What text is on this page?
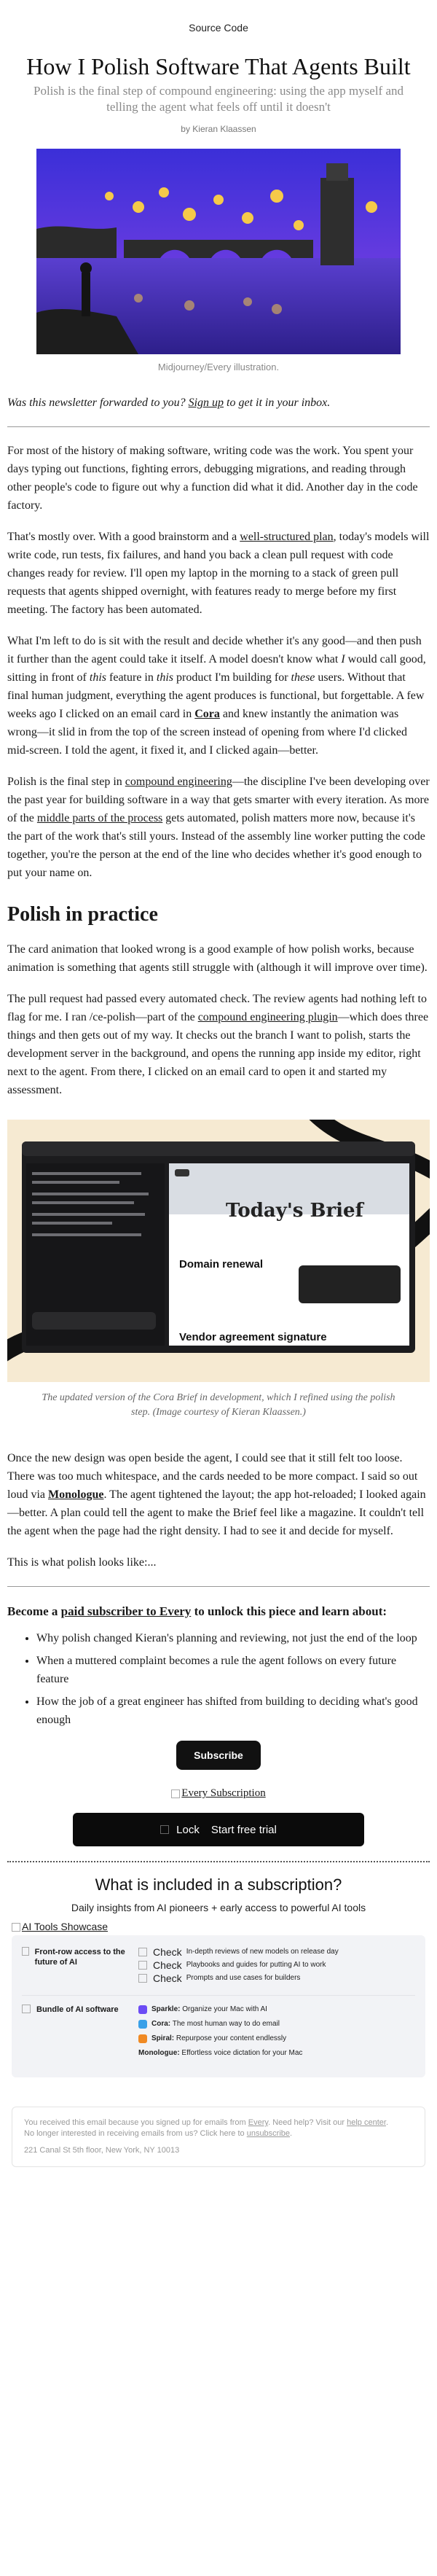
Source Code
How I Polish Software That Agents Built
Polish is the final step of compound engineering: using the app myself and telling the agent what feels off until it doesn't
by Kieran Klaassen
Midjourney/Every illustration.

Was this newsletter forwarded to you? Sign up to get it in your inbox.

For most of the history of making software, writing code was the work. You spent your days typing out functions, fighting errors, debugging migrations, and reading through other people's code to figure out why a function did what it did. Another day in the code factory.

That's mostly over. With a good brainstorm and a well-structured plan, today's models will write code, run tests, fix failures, and hand you back a clean pull request with code changes ready for review. I'll open my laptop in the morning to a stack of green pull requests that agents shipped overnight, with features ready to merge before my first meeting. The factory has been automated.

What I'm left to do is sit with the result and decide whether it's any good—and then push it further than the agent could take it itself. A model doesn't know what I would call good, sitting in front of this feature in this product I'm building for these users. Without that final human judgment, everything the agent produces is functional, but forgettable. A few weeks ago I clicked on an email card in Cora and knew instantly the animation was wrong—it slid in from the top of the screen instead of opening from where I'd clicked mid-screen. I told the agent, it fixed it, and I clicked again—better.

Polish is the final step in compound engineering—the discipline I've been developing over the past year for building software in a way that gets smarter with every iteration. As more of the middle parts of the process gets automated, polish matters more now, because it's the part of the work that's still yours. Instead of the assembly line worker putting the code together, you're the person at the end of the line who decides whether it's good enough to put your name on.

Polish in practice

The card animation that looked wrong is a good example of how polish works, because animation is something that agents still struggle with (although it will improve over time).

The pull request had passed every automated check. The review agents had nothing left to flag for me. I ran /ce-polish—part of the compound engineering plugin—which does three things and then gets out of my way. It checks out the branch I want to polish, starts the development server in the background, and opens the running app inside my editor, right next to the agent. From there, I clicked on an email card to open it and started my assessment.

Today's Brief
Domain renewal
Vendor agreement signature
The updated version of the Cora Brief in development, which I refined using the polish step. (Image courtesy of Kieran Klaassen.)

Once the new design was open beside the agent, I could see that it still felt too loose. There was too much whitespace, and the cards needed to be more compact. I said so out loud via Monologue. The agent tightened the layout; the app hot-reloaded; I looked again—better. A plan could tell the agent to make the Brief feel like a magazine. It couldn't tell the agent when the page had the right density. I had to see it and decide for myself.

This is what polish looks like:...

Become a paid subscriber to Every to unlock this piece and learn about:
• Why polish changed Kieran's planning and reviewing, not just the end of the loop
• When a muttered complaint becomes a rule the agent follows on every future feature
• How the job of a great engineer has shifted from building to deciding what's good enough
Subscribe
Every Subscription
Lock Start free trial
What is included in a subscription?
Daily insights from AI pioneers + early access to powerful AI tools
AI Tools Showcase
Front-row access to the future of AI
Check In-depth reviews of new models on release day
Check Playbooks and guides for putting AI to work
Check Prompts and use cases for builders
Bundle of AI software	Sparkle: Organize your Mac with AI
Cora: The most human way to do email
Spiral: Repurpose your content endlessly
Monologue: Effortless voice dictation for your Mac
You received this email because you signed up for emails from Every. Need help? Visit our help center.
No longer interested in receiving emails from us? Click here to unsubscribe.
221 Canal St 5th floor, New York, NY 10013
